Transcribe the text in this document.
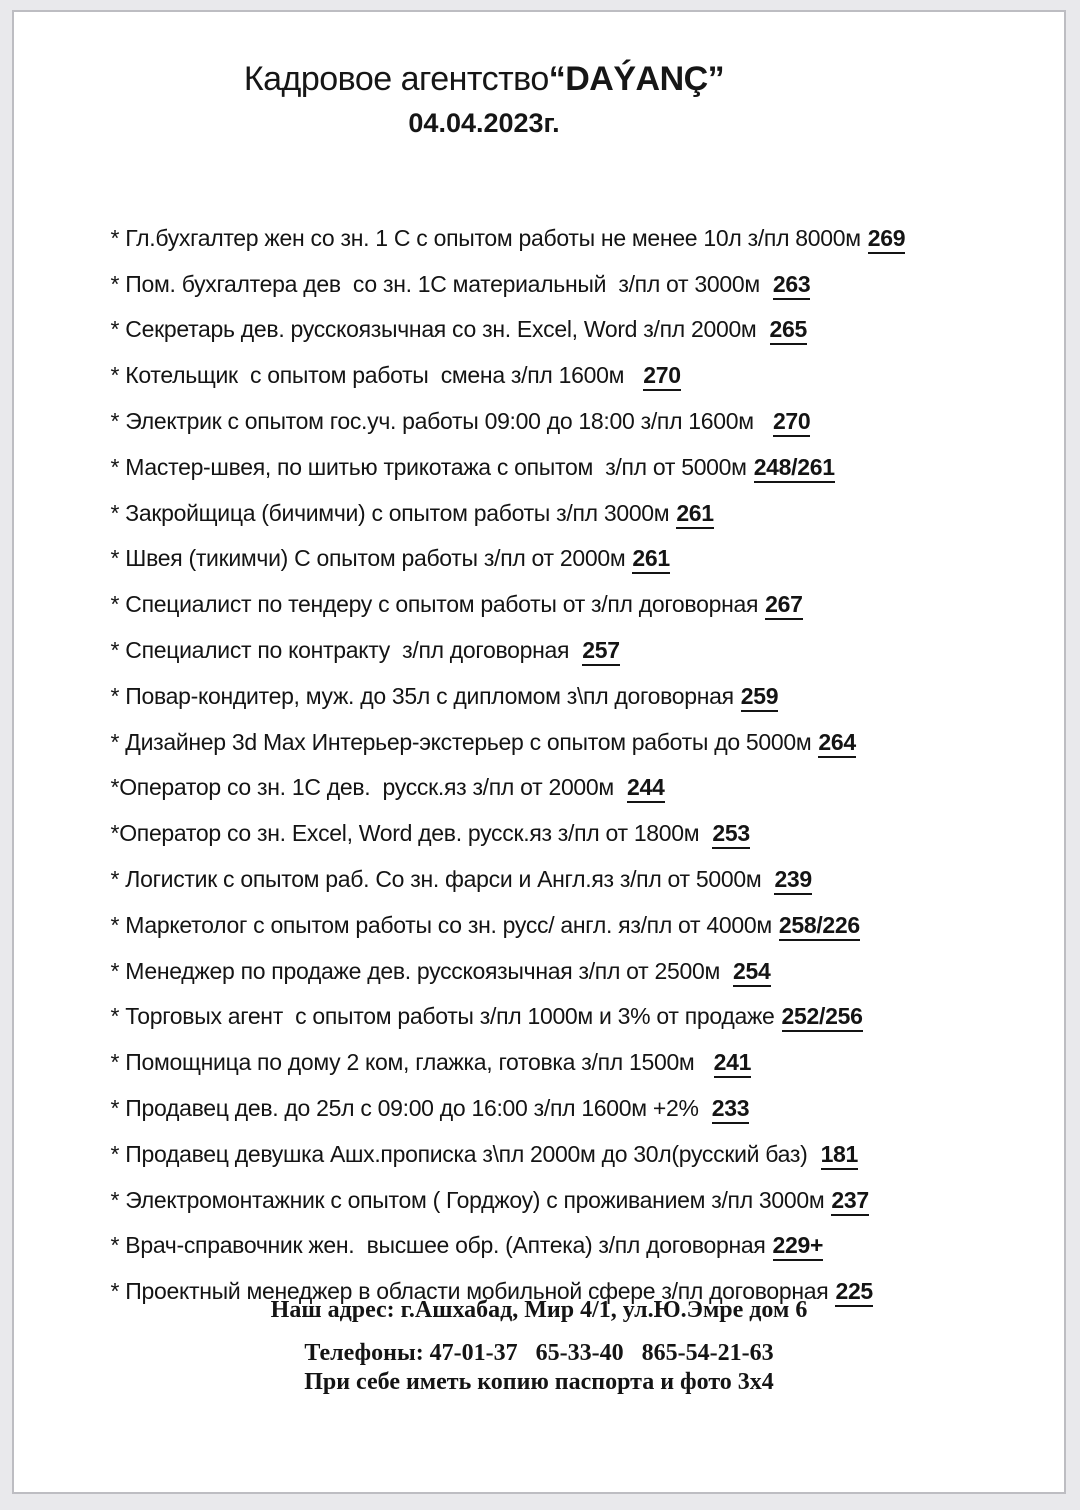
Кадровое агентство“DAÝANÇ”
04.04.2023г.

* Гл.бухгалтер жен со зн. 1 С с опытом работы не менее 10л з/пл 8000м 269

* Пом. бухгалтера дев  со зн. 1С материальный  з/пл от 3000м 263

* Секретарь дев. русскоязычная со зн. Excel, Word з/пл 2000м 265

* Котельщик  с опытом работы  смена з/пл 1600м  270

* Электрик с опытом гос.уч. работы 09:00 до 18:00 з/пл 1600м  270

* Мастер-швея, по шитью трикотажа с опытом  з/пл от 5000м 248/261

* Закройщица (бичимчи) с опытом работы з/пл 3000м 261

* Швея (тикимчи) С опытом работы з/пл от 2000м 261

* Специалист по тендеру с опытом работы от з/пл договорная 267

* Специалист по контракту  з/пл договорная 257

* Повар-кондитер, муж. до 35л с дипломом з\пл договорная 259

* Дизайнер 3d Max Интерьер-экстерьер с опытом работы до 5000м 264

*Оператор со зн. 1С дев.  русск.яз з/пл от 2000м 244

*Оператор со зн. Excel, Word дев. русск.яз з/пл от 1800м 253

* Логистик с опытом раб. Со зн. фарси и Англ.яз з/пл от 5000м 239

* Маркетолог с опытом работы со зн. русс/ англ. яз/пл от 4000м 258/226

* Менеджер по продаже дев. русскоязычная з/пл от 2500м 254

* Торговых агент  с опытом работы з/пл 1000м и 3% от продаже 252/256

* Помощница по дому 2 ком, глажка, готовка з/пл 1500м  241

* Продавец дев. до 25л с 09:00 до 16:00 з/пл 1600м +2% 233

* Продавец девушка Ашх.прописка з\пл 2000м до 30л(русский баз) 181

* Электромонтажник с опытом ( Горджоу) с проживанием з/пл 3000м 237

* Врач-справочник жен.  высшее обр. (Аптека) з/пл договорная 229+

* Проектный менеджер в области мобильной сфере з/пл договорная 225

Наш адрес: г.Ашхабад, Мир 4/1, ул.Ю.Эмре дом 6
Телефоны: 47-01-37   65-33-40   865-54-21-63
При себе иметь копию паспорта и фото 3х4
